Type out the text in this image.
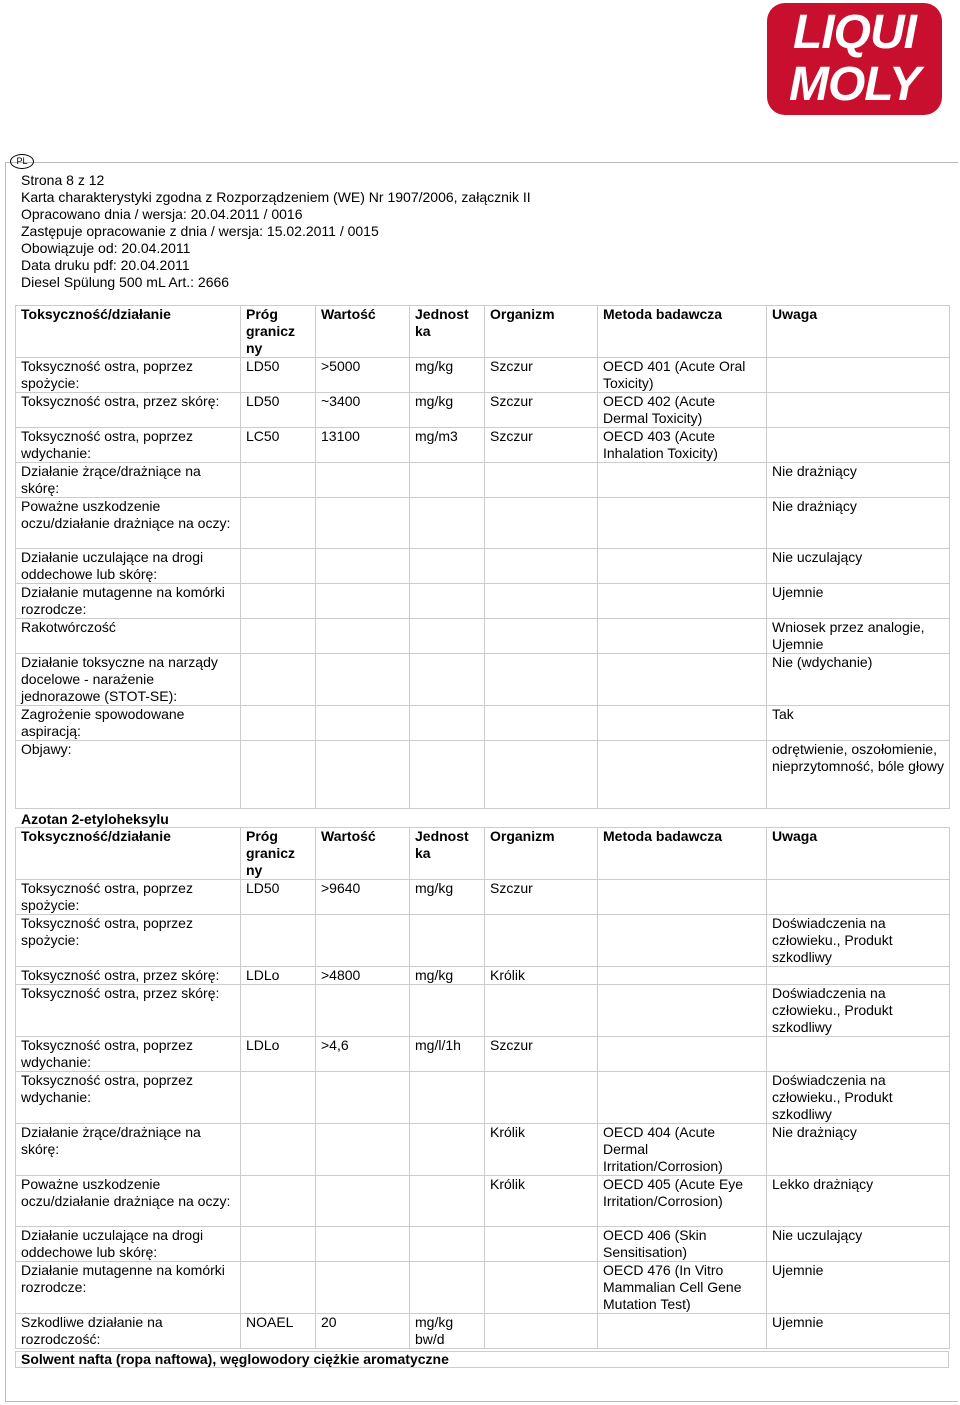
LIQUI
MOLY
PL
Strona 8 z 12
Karta charakterystyki zgodna z Rozporządzeniem (WE) Nr 1907/2006, załącznik II
Opracowano dnia / wersja: 20.04.2011 / 0016
Zastępuje opracowanie z dnia / wersja: 15.02.2011 / 0015
Obowiązuje od: 20.04.2011
Data druku pdf: 20.04.2011
Diesel Spülung 500 mL Art.: 2666
Toksyczność/działanie	Próg granicz ny	Wartość	Jednost ka	Organizm	Metoda badawcza	Uwaga
Toksyczność ostra, poprzez spożycie:	LD50	>5000	mg/kg	Szczur	OECD 401 (Acute Oral Toxicity)	
Toksyczność ostra, przez skórę:	LD50	~3400	mg/kg	Szczur	OECD 402 (Acute Dermal Toxicity)	
Toksyczność ostra, poprzez wdychanie:	LC50	13100	mg/m3	Szczur	OECD 403 (Acute Inhalation Toxicity)	
Działanie żrące/drażniące na skórę:						Nie drażniący
Poważne uszkodzenie oczu/działanie drażniące na oczy:						Nie drażniący
Działanie uczulające na drogi oddechowe lub skórę:						Nie uczulający
Działanie mutagenne na komórki rozrodcze:						Ujemnie
Rakotwórczość						Wniosek przez analogie, Ujemnie
Działanie toksyczne na narządy docelowe - narażenie jednorazowe (STOT-SE):						Nie (wdychanie)
Zagrożenie spowodowane aspiracją:						Tak
Objawy:						odrętwienie, oszołomienie, nieprzytomność, bóle głowy
Azotan 2-etyloheksylu
Toksyczność/działanie	Próg granicz ny	Wartość	Jednost ka	Organizm	Metoda badawcza	Uwaga
Toksyczność ostra, poprzez spożycie:	LD50	>9640	mg/kg	Szczur		
Toksyczność ostra, poprzez spożycie:						Doświadczenia na człowieku., Produkt szkodliwy
Toksyczność ostra, przez skórę:	LDLo	>4800	mg/kg	Królik		
Toksyczność ostra, przez skórę:						Doświadczenia na człowieku., Produkt szkodliwy
Toksyczność ostra, poprzez wdychanie:	LDLo	>4,6	mg/l/1h	Szczur		
Toksyczność ostra, poprzez wdychanie:						Doświadczenia na człowieku., Produkt szkodliwy
Działanie żrące/drażniące na skórę:				Królik	OECD 404 (Acute Dermal Irritation/Corrosion)	Nie drażniący
Poważne uszkodzenie oczu/działanie drażniące na oczy:				Królik	OECD 405 (Acute Eye Irritation/Corrosion)	Lekko drażniący
Działanie uczulające na drogi oddechowe lub skórę:					OECD 406 (Skin Sensitisation)	Nie uczulający
Działanie mutagenne na komórki rozrodcze:					OECD 476 (In Vitro Mammalian Cell Gene Mutation Test)	Ujemnie
Szkodliwe działanie na rozrodczość:	NOAEL	20	mg/kg bw/d			Ujemnie
Solwent nafta (ropa naftowa), węglowodory ciężkie aromatyczne
